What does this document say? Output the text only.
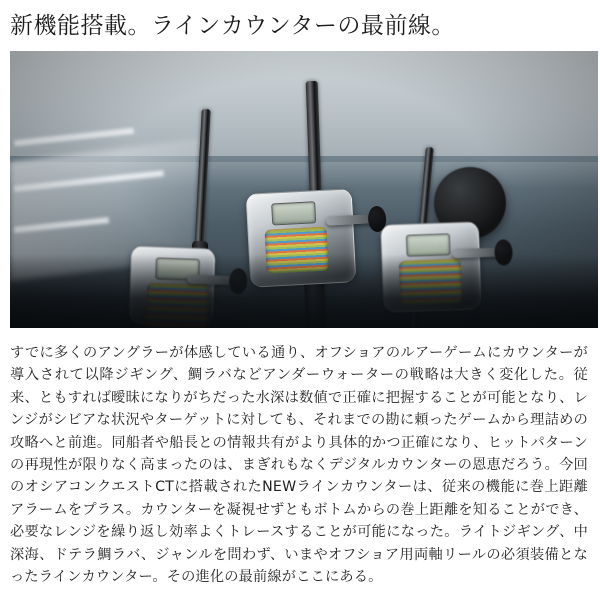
新機能搭載。ラインカウンターの最前線。
すでに多くのアングラーが体感している通り、オフショアのルアーゲームにカウンターが導入されて以降ジギング、鯛ラバなどアンダーウォーターの戦略は大きく変化した。従来、ともすれば曖昧になりがちだった水深は数値で正確に把握することが可能となり、レンジがシビアな状況やターゲットに対しても、それまでの勘に頼ったゲームから理詰めの攻略へと前進。同船者や船長との情報共有がより具体的かつ正確になり、ヒットパターンの再現性が限りなく高まったのは、まぎれもなくデジタルカウンターの恩恵だろう。今回のオシアコンクエストCTに搭載されたNEWラインカウンターは、従来の機能に巻上距離アラームをプラス。カウンターを凝視せずともボトムからの巻上距離を知ることができ、必要なレンジを繰り返し効率よくトレースすることが可能になった。ライトジギング、中深海、ドテラ鯛ラバ、ジャンルを問わず、いまやオフショア用両軸リールの必須装備となったラインカウンター。その進化の最前線がここにある。
